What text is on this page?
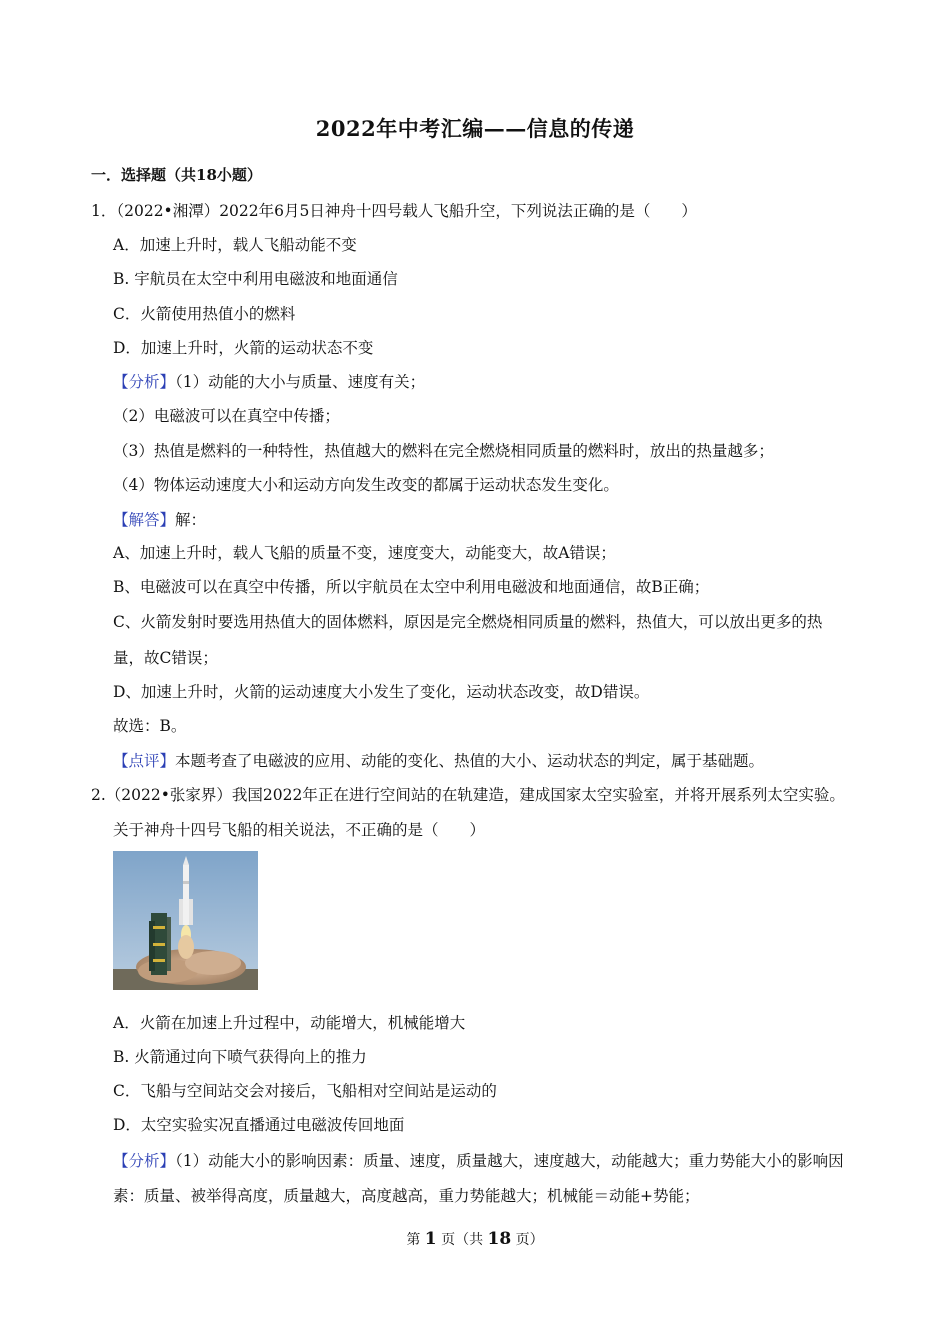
2022年中考汇编——信息的传递
一．选择题（共18小题）
1．（2022•湘潭）2022年6月5日神舟十四号载人飞船升空，下列说法正确的是（　　）
A．加速上升时，载人飞船动能不变
B. 宇航员在太空中利用电磁波和地面通信
C．火箭使用热值小的燃料
D．加速上升时，火箭的运动状态不变
【分析】（1）动能的大小与质量、速度有关；
（2）电磁波可以在真空中传播；
（3）热值是燃料的一种特性，热值越大的燃料在完全燃烧相同质量的燃料时，放出的热量越多；
（4）物体运动速度大小和运动方向发生改变的都属于运动状态发生变化。
【解答】解：
A、加速上升时，载人飞船的质量不变，速度变大，动能变大，故A错误；
B、电磁波可以在真空中传播，所以宇航员在太空中利用电磁波和地面通信，故B正确；
C、火箭发射时要选用热值大的固体燃料，原因是完全燃烧相同质量的燃料，热值大，可以放出更多的热
量，故C错误；
D、加速上升时，火箭的运动速度大小发生了变化，运动状态改变，故D错误。
故选：B。
【点评】本题考查了电磁波的应用、动能的变化、热值的大小、运动状态的判定，属于基础题。
2.（2022•张家界）我国2022年正在进行空间站的在轨建造，建成国家太空实验室，并将开展系列太空实验。
关于神舟十四号飞船的相关说法，不正确的是（　　）
A．火箭在加速上升过程中，动能增大，机械能增大
B. 火箭通过向下喷气获得向上的推力
C．飞船与空间站交会对接后，飞船相对空间站是运动的
D．太空实验实况直播通过电磁波传回地面
【分析】（1）动能大小的影响因素：质量、速度，质量越大，速度越大，动能越大；重力势能大小的影响因
素：质量、被举得高度，质量越大，高度越高，重力势能越大；机械能＝动能+势能；
第 1 页（共 18 页）
